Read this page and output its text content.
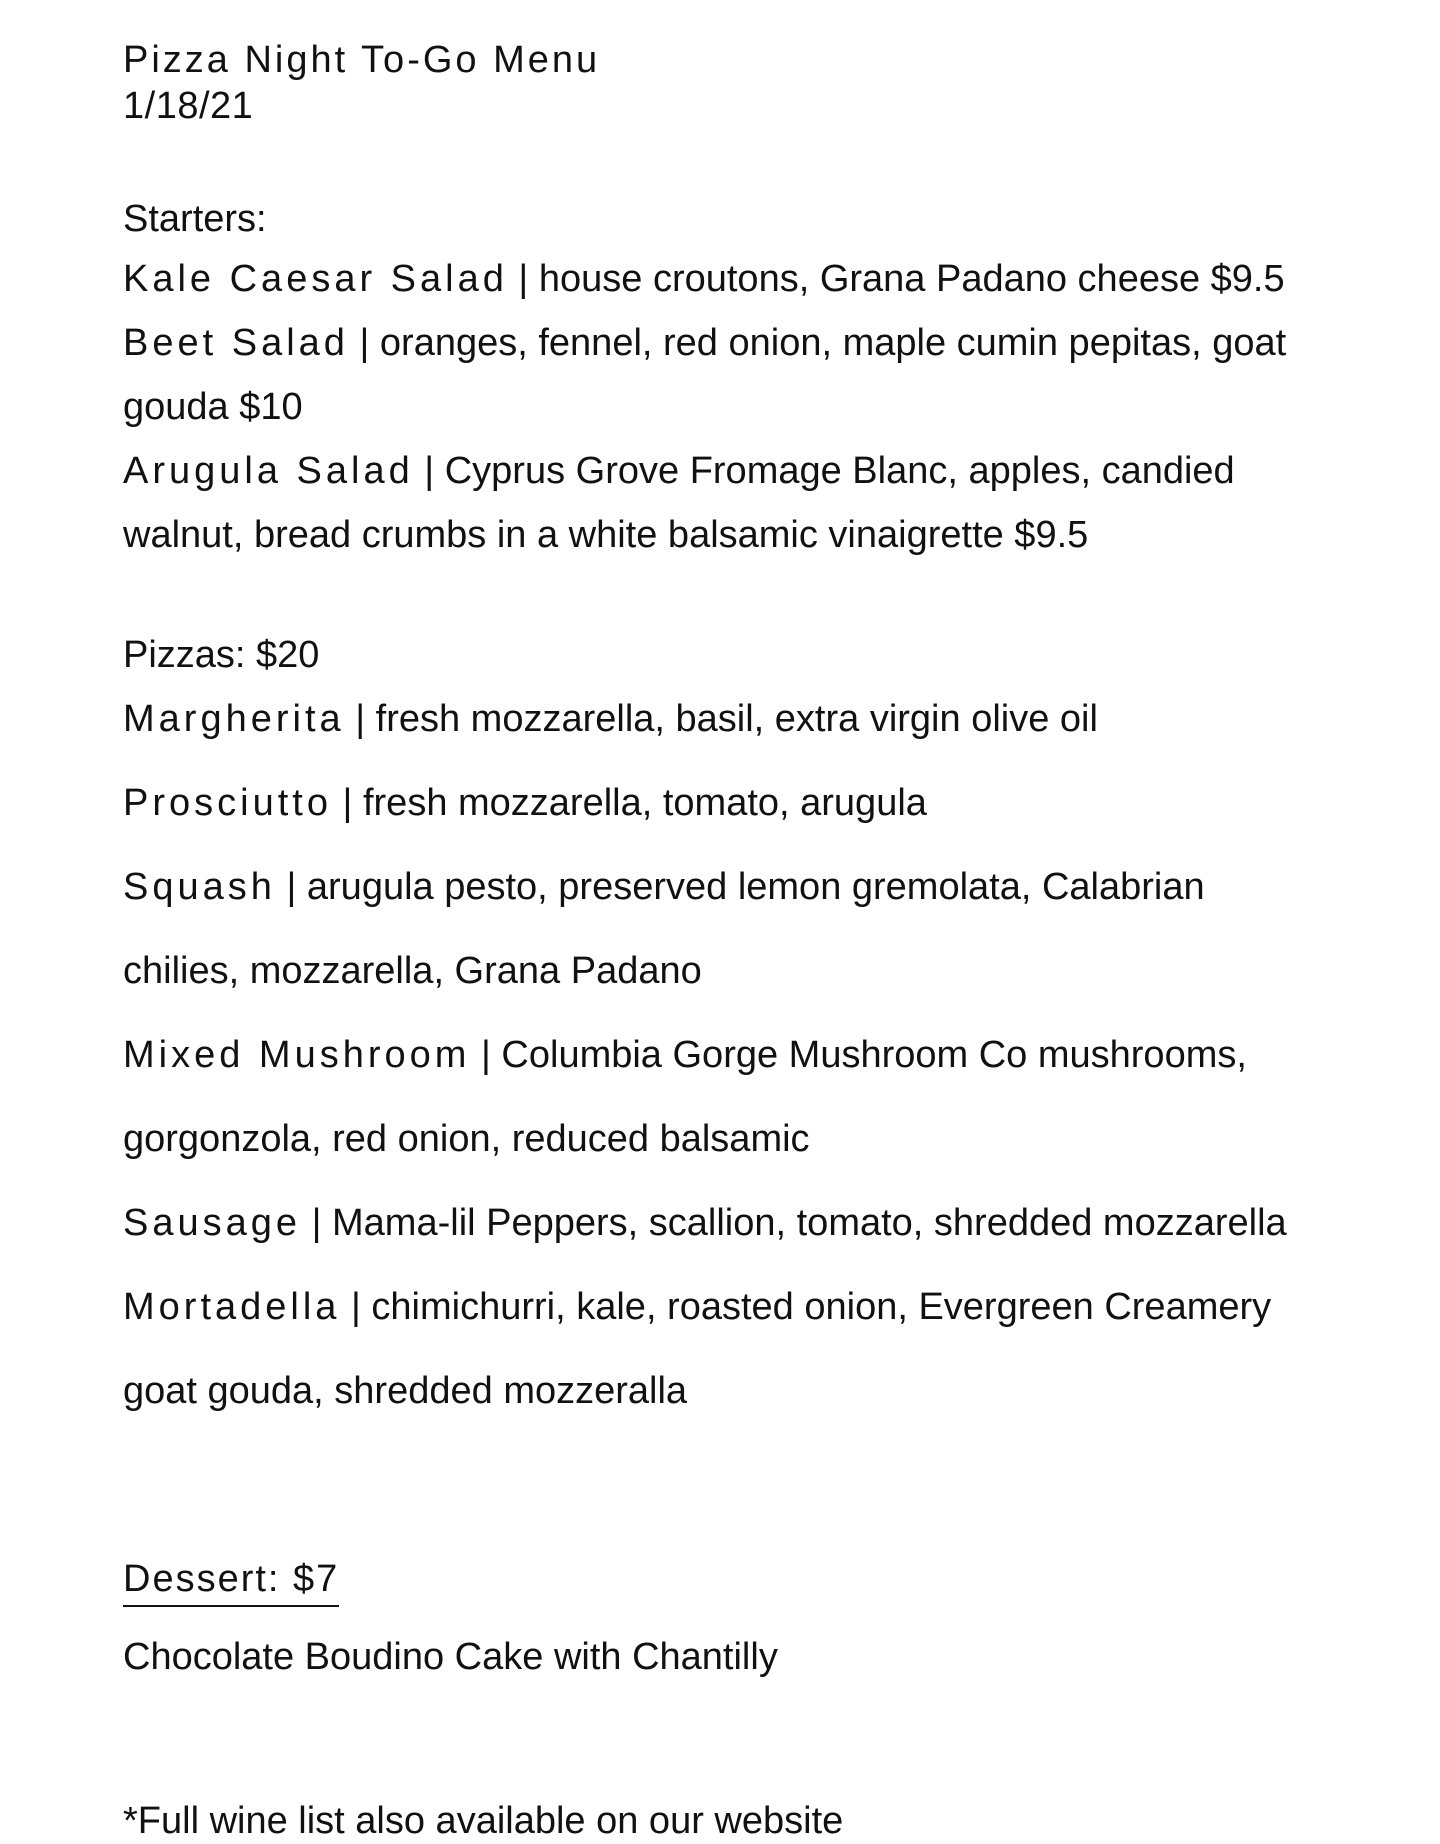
Pizza Night To-Go Menu
1/18/21
Starters:
Kale Caesar Salad | house croutons, Grana Padano cheese $9.5
Beet Salad | oranges, fennel, red onion, maple cumin pepitas, goat
gouda $10
Arugula Salad | Cyprus Grove Fromage Blanc, apples, candied
walnut, bread crumbs in a white balsamic vinaigrette $9.5
Pizzas: $20
Margherita | fresh mozzarella, basil, extra virgin olive oil
Prosciutto | fresh mozzarella, tomato, arugula
Squash | arugula pesto, preserved lemon gremolata, Calabrian
chilies, mozzarella, Grana Padano
Mixed Mushroom | Columbia Gorge Mushroom Co mushrooms,
gorgonzola, red onion, reduced balsamic
Sausage | Mama-lil Peppers, scallion, tomato, shredded mozzarella
Mortadella | chimichurri, kale, roasted onion, Evergreen Creamery
goat gouda, shredded mozzeralla
Dessert: $7
Chocolate Boudino Cake with Chantilly
*Full wine list also available on our website
